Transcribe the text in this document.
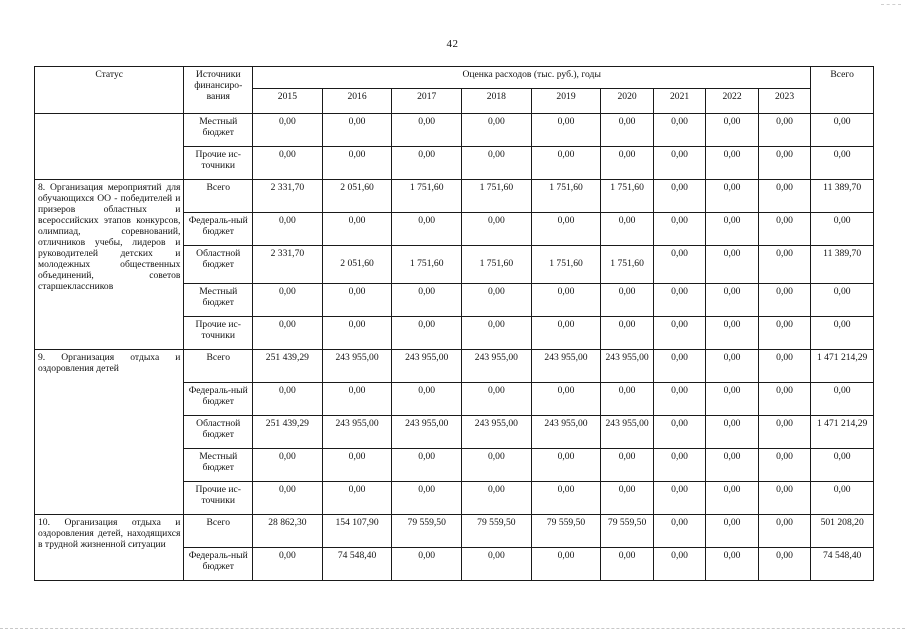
42
Статус	Источники финансиро-вания	Оценка расходов (тыс. руб.), годы									Всего
		2015	2016	2017	2018	2019	2020	2021	2022	2023	
	Местный бюджет	0,00	0,00	0,00	0,00	0,00	0,00	0,00	0,00	0,00	0,00
	Прочие ис-точники	0,00	0,00	0,00	0,00	0,00	0,00	0,00	0,00	0,00	0,00
8. Организация мероприятий для обучающихся ОО - победителей и призеров областных и всероссийских этапов конкурсов, олимпиад, соревнований, отличников учебы, лидеров и руководителей детских и молодежных общественных объединений, советов старшеклассников	Всего	2 331,70	2 051,60	1 751,60	1 751,60	1 751,60	1 751,60	0,00	0,00	0,00	11 389,70
	Федераль-ный бюджет	0,00	0,00	0,00	0,00	0,00	0,00	0,00	0,00	0,00	0,00
	Областной бюджет	2 331,70	2 051,60	1 751,60	1 751,60	1 751,60	1 751,60	0,00	0,00	0,00	11 389,70
	Местный бюджет	0,00	0,00	0,00	0,00	0,00	0,00	0,00	0,00	0,00	0,00
	Прочие ис-точники	0,00	0,00	0,00	0,00	0,00	0,00	0,00	0,00	0,00	0,00
9. Организация отдыха и оздоровления детей	Всего	251 439,29	243 955,00	243 955,00	243 955,00	243 955,00	243 955,00	0,00	0,00	0,00	1 471 214,29
	Федераль-ный бюджет	0,00	0,00	0,00	0,00	0,00	0,00	0,00	0,00	0,00	0,00
	Областной бюджет	251 439,29	243 955,00	243 955,00	243 955,00	243 955,00	243 955,00	0,00	0,00	0,00	1 471 214,29
	Местный бюджет	0,00	0,00	0,00	0,00	0,00	0,00	0,00	0,00	0,00	0,00
	Прочие ис-точники	0,00	0,00	0,00	0,00	0,00	0,00	0,00	0,00	0,00	0,00
10. Организация отдыха и оздоровления детей, находящихся в трудной жизненной ситуации	Всего	28 862,30	154 107,90	79 559,50	79 559,50	79 559,50	79 559,50	0,00	0,00	0,00	501 208,20
	Федераль-ный бюджет	0,00	74 548,40	0,00	0,00	0,00	0,00	0,00	0,00	0,00	74 548,40
